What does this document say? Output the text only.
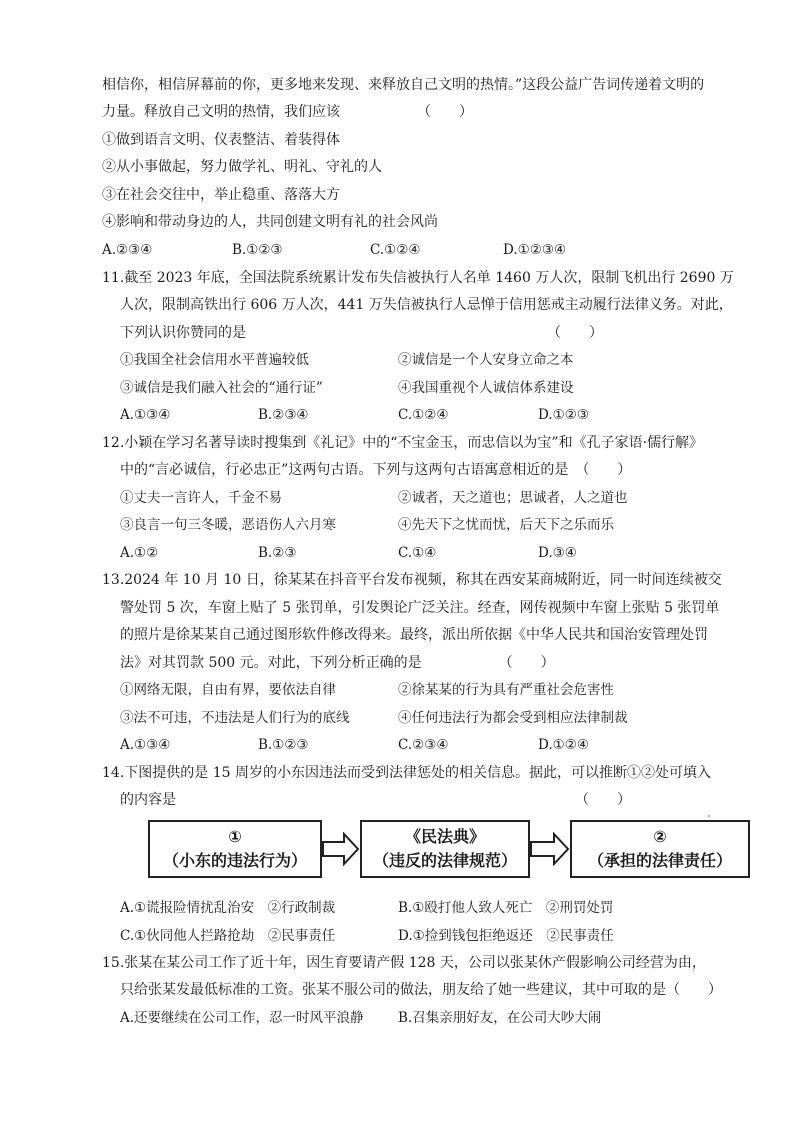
相信你，相信屏幕前的你，更多地来发现、来释放自己文明的热情。”这段公益广告词传递着文明的
力量。释放自己文明的热情，我们应该　　　　　　（　　）
①做到语言文明、仪表整洁、着装得体
②从小事做起，努力做学礼、明礼、守礼的人
③在社会交往中，举止稳重、落落大方
④影响和带动身边的人，共同创建文明有礼的社会风尚
A.②③④	B.①②③	C.①②④	D.①②③④
11.截至 2023 年底，全国法院系统累计发布失信被执行人名单 1460 万人次，限制飞机出行 2690 万
人次，限制高铁出行 606 万人次，441 万失信被执行人忌惮于信用惩戒主动履行法律义务。对此，
下列认识你赞同的是　　　　　　　　　　　　　　　　　　　　　　（　　）
①我国全社会信用水平普遍较低	②诚信是一个人安身立命之本
③诚信是我们融入社会的“通行证”	④我国重视个人诚信体系建设
A.①③④	B.②③④	C.①②④	D.①②③
12.小颖在学习名著导读时搜集到《礼记》中的“不宝金玉，而忠信以为宝”和《孔子家语·儒行解》
中的“言必诚信，行必忠正”这两句古语。下列与这两句古语寓意相近的是　（　　）
①丈夫一言许人，千金不易	②诚者，天之道也；思诚者，人之道也
③良言一句三冬暖，恶语伤人六月寒	④先天下之忧而忧，后天下之乐而乐
A.①②	B.②③	C.①④	D.③④
13.2024 年 10 月 10 日，徐某某在抖音平台发布视频，称其在西安某商城附近，同一时间连续被交
警处罚 5 次，车窗上贴了 5 张罚单，引发舆论广泛关注。经查，网传视频中车窗上张贴 5 张罚单
的照片是徐某某自己通过图形软件修改得来。最终，派出所依据《中华人民共和国治安管理处罚
法》对其罚款 500 元。对此，下列分析正确的是　　　　　　（　　）
①网络无限，自由有界，要依法自律	②徐某某的行为具有严重社会危害性
③法不可违，不违法是人们行为的底线	④任何违法行为都会受到相应法律制裁
A.①③④	B.①②③	C.②③④	D.①②④
14.下图提供的是 15 周岁的小东因违法而受到法律惩处的相关信息。据此，可以推断①②处可填入
的内容是　　　　　　　　　　　　　　　　　　　　　　　　　　　　　（　　）
①
（小东的违法行为）
《民法典》
（违反的法律规范）
②
（承担的法律责任）
A.①谎报险情扰乱治安　②行政制裁	B.①殴打他人致人死亡　②刑罚处罚
C.①伙同他人拦路抢劫　②民事责任	D.①捡到钱包拒绝返还　②民事责任
15.张某在某公司工作了近十年，因生育要请产假 128 天，公司以张某休产假影响公司经营为由，
只给张某发最低标准的工资。张某不服公司的做法，朋友给了她一些建议，其中可取的是（　　）
A.还要继续在公司工作，忍一时风平浪静	B.召集亲朋好友，在公司大吵大闹
